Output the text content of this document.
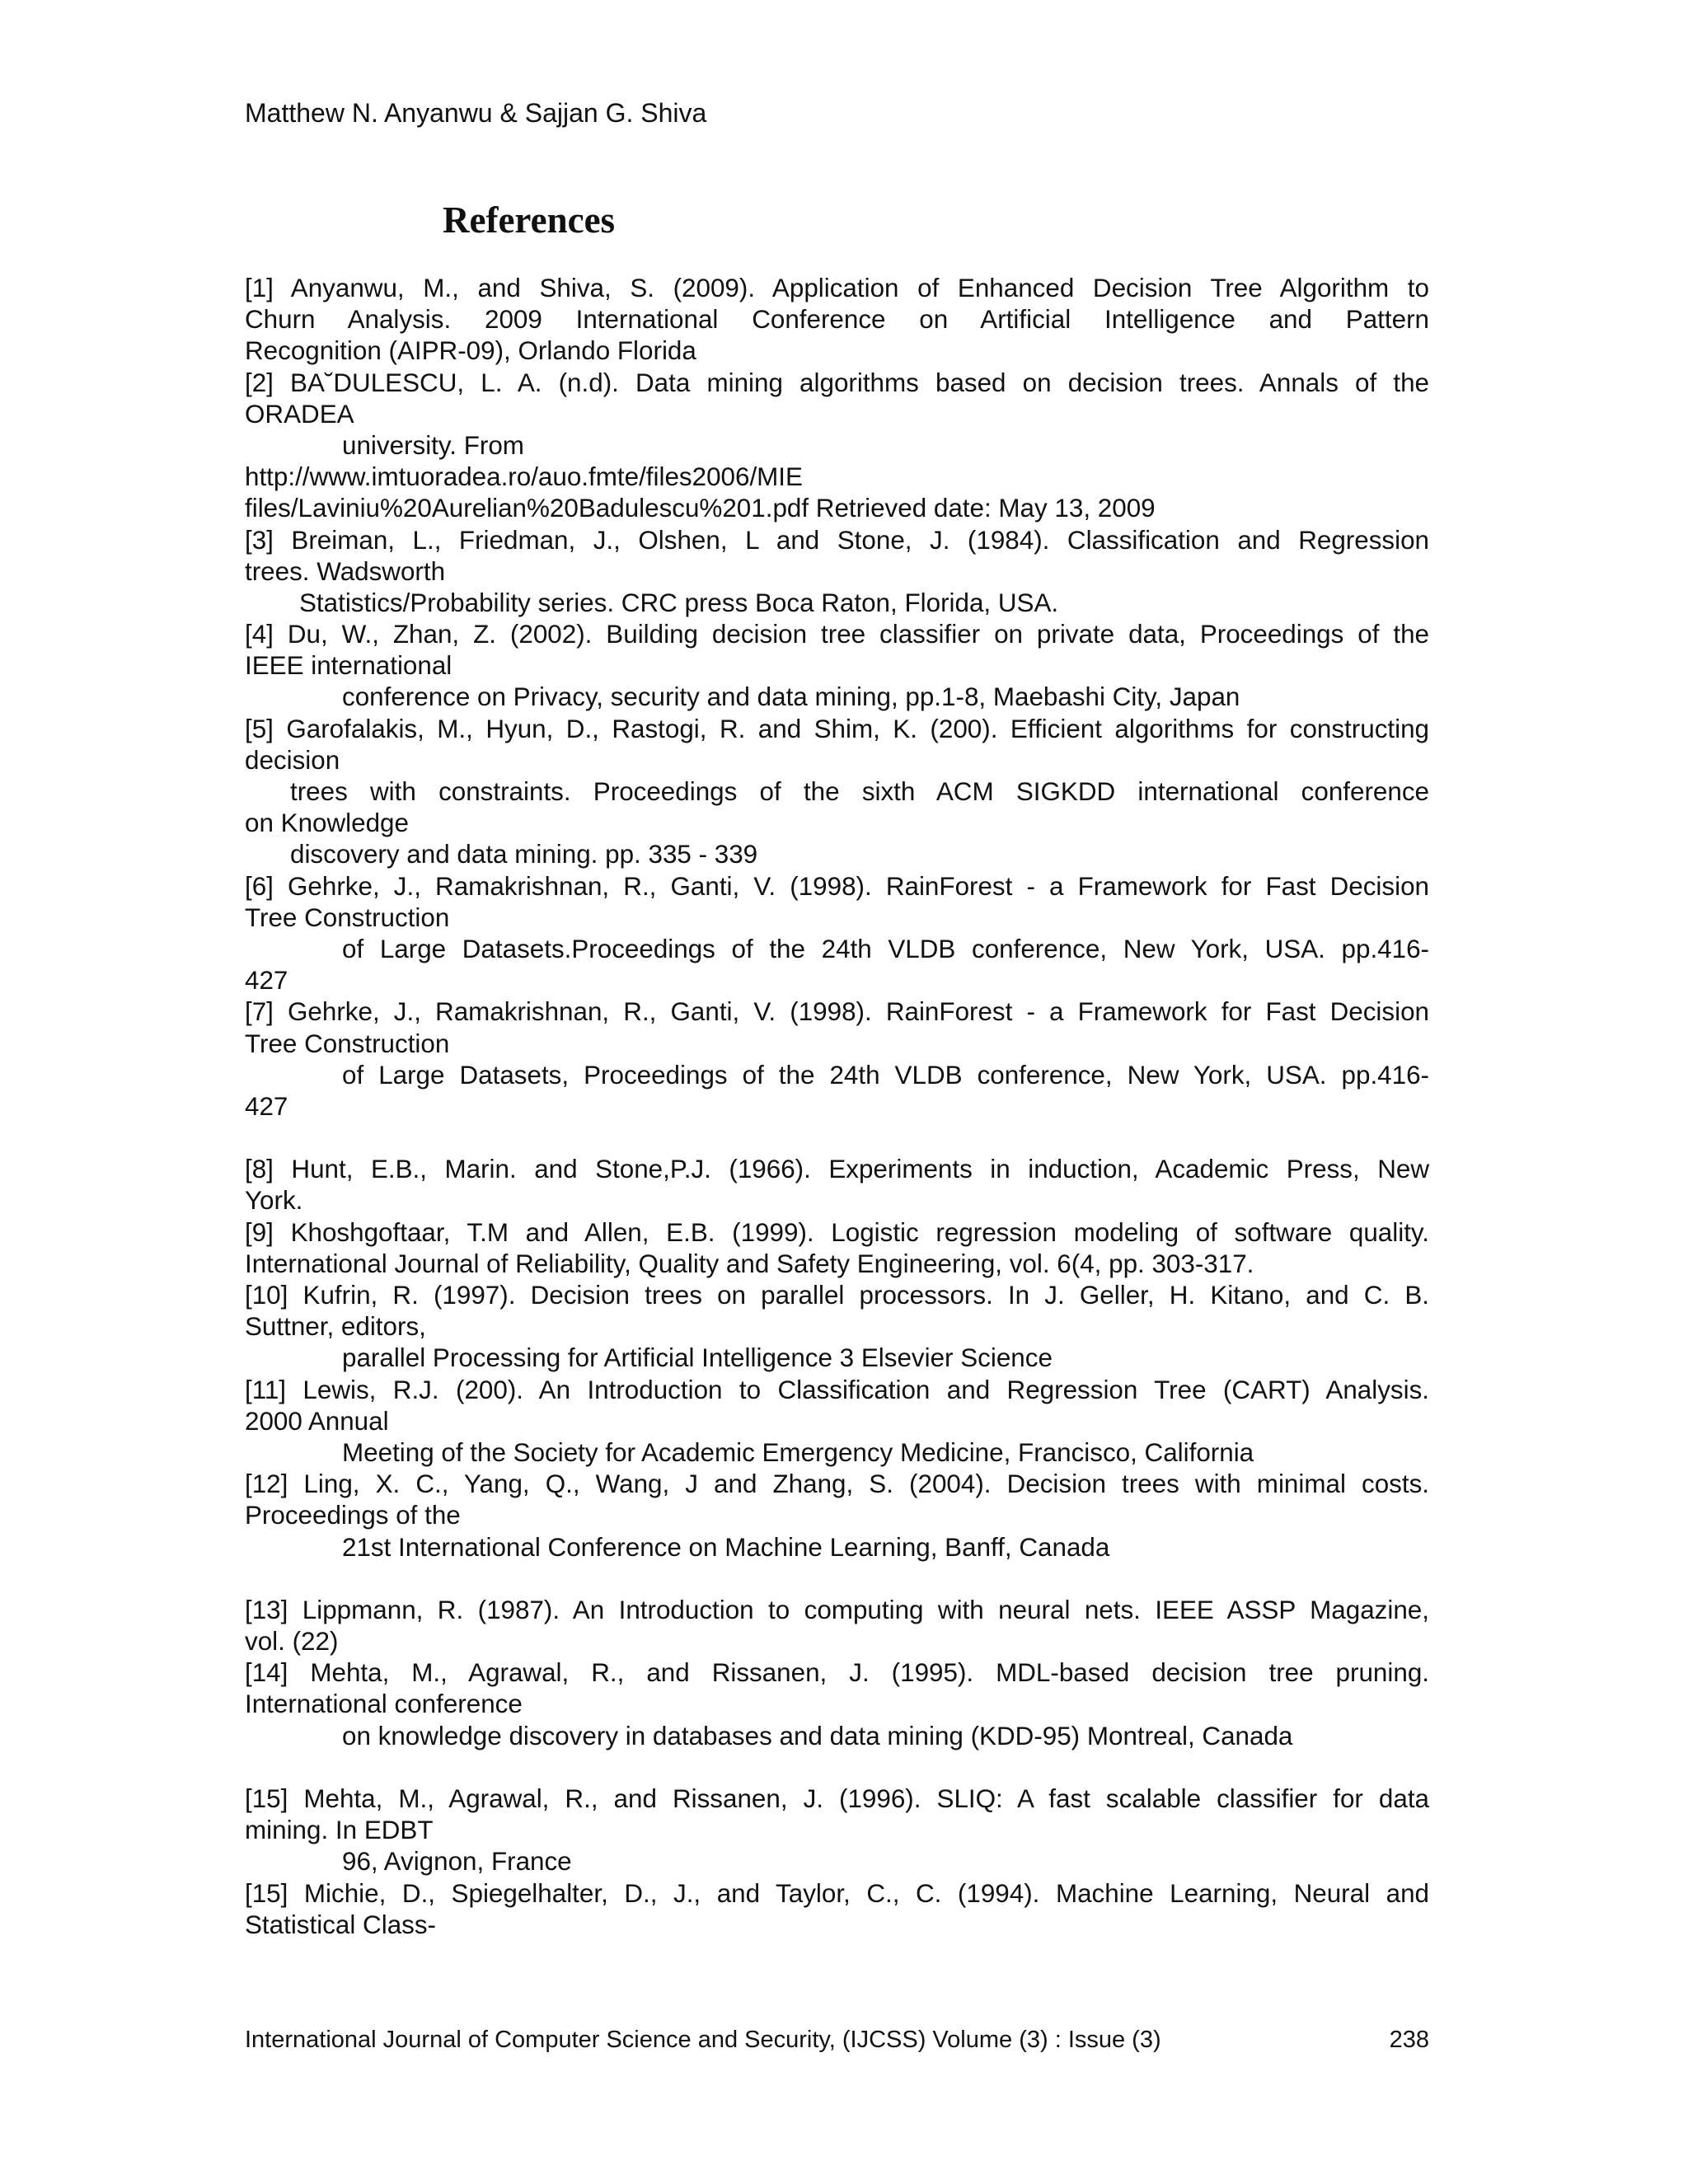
Matthew N. Anyanwu & Sajjan G. Shiva
References
[1] Anyanwu, M., and Shiva, S. (2009). Application of Enhanced Decision Tree Algorithm to
Churn Analysis. 2009 International Conference on Artificial Intelligence and Pattern
Recognition (AIPR-09), Orlando Florida
[2] BA˘DULESCU, L. A. (n.d). Data mining algorithms based on decision trees. Annals of the
ORADEA
university. From
http://www.imtuoradea.ro/auo.fmte/files2006/MIE
files/Laviniu%20Aurelian%20Badulescu%201.pdf Retrieved date: May 13, 2009
[3] Breiman, L., Friedman, J., Olshen, L and Stone, J. (1984). Classification and Regression
trees. Wadsworth
Statistics/Probability series. CRC press Boca Raton, Florida, USA.
[4] Du, W., Zhan, Z. (2002). Building decision tree classifier on private data, Proceedings of the
IEEE international
conference on Privacy, security and data mining, pp.1-8, Maebashi City, Japan
[5] Garofalakis, M., Hyun, D., Rastogi, R. and Shim, K. (200). Efficient algorithms for constructing
decision
trees with constraints. Proceedings of the sixth ACM SIGKDD international conference
on Knowledge
discovery and data mining. pp. 335 - 339
[6] Gehrke, J., Ramakrishnan, R., Ganti, V. (1998). RainForest - a Framework for Fast Decision
Tree Construction
of Large Datasets.Proceedings of the 24th VLDB conference, New York, USA. pp.416-
427
[7] Gehrke, J., Ramakrishnan, R., Ganti, V. (1998). RainForest - a Framework for Fast Decision
Tree Construction
of Large Datasets, Proceedings of the 24th VLDB conference, New York, USA. pp.416-
427
[8] Hunt, E.B., Marin. and Stone,P.J. (1966). Experiments in induction, Academic Press, New
York.
[9] Khoshgoftaar, T.M and Allen, E.B. (1999). Logistic regression modeling of software quality.
International Journal of Reliability, Quality and Safety Engineering, vol. 6(4, pp. 303-317.
[10] Kufrin, R. (1997). Decision trees on parallel processors. In J. Geller, H. Kitano, and C. B.
Suttner, editors,
parallel Processing for Artificial Intelligence 3 Elsevier Science
[11] Lewis, R.J. (200). An Introduction to Classification and Regression Tree (CART) Analysis.
2000 Annual
Meeting of the Society for Academic Emergency Medicine, Francisco, California
[12] Ling, X. C., Yang, Q., Wang, J and Zhang, S. (2004). Decision trees with minimal costs.
Proceedings of the
21st International Conference on Machine Learning, Banff, Canada
[13] Lippmann, R. (1987). An Introduction to computing with neural nets. IEEE ASSP Magazine,
vol. (22)
[14] Mehta, M., Agrawal, R., and Rissanen, J. (1995). MDL-based decision tree pruning.
International conference
on knowledge discovery in databases and data mining (KDD-95) Montreal, Canada
[15] Mehta, M., Agrawal, R., and Rissanen, J. (1996). SLIQ: A fast scalable classifier for data
mining. In EDBT
96, Avignon, France
[15] Michie, D., Spiegelhalter, D., J., and Taylor, C., C. (1994). Machine Learning, Neural and
Statistical Class-
International Journal of Computer Science and Security, (IJCSS) Volume (3) : Issue (3)	238
